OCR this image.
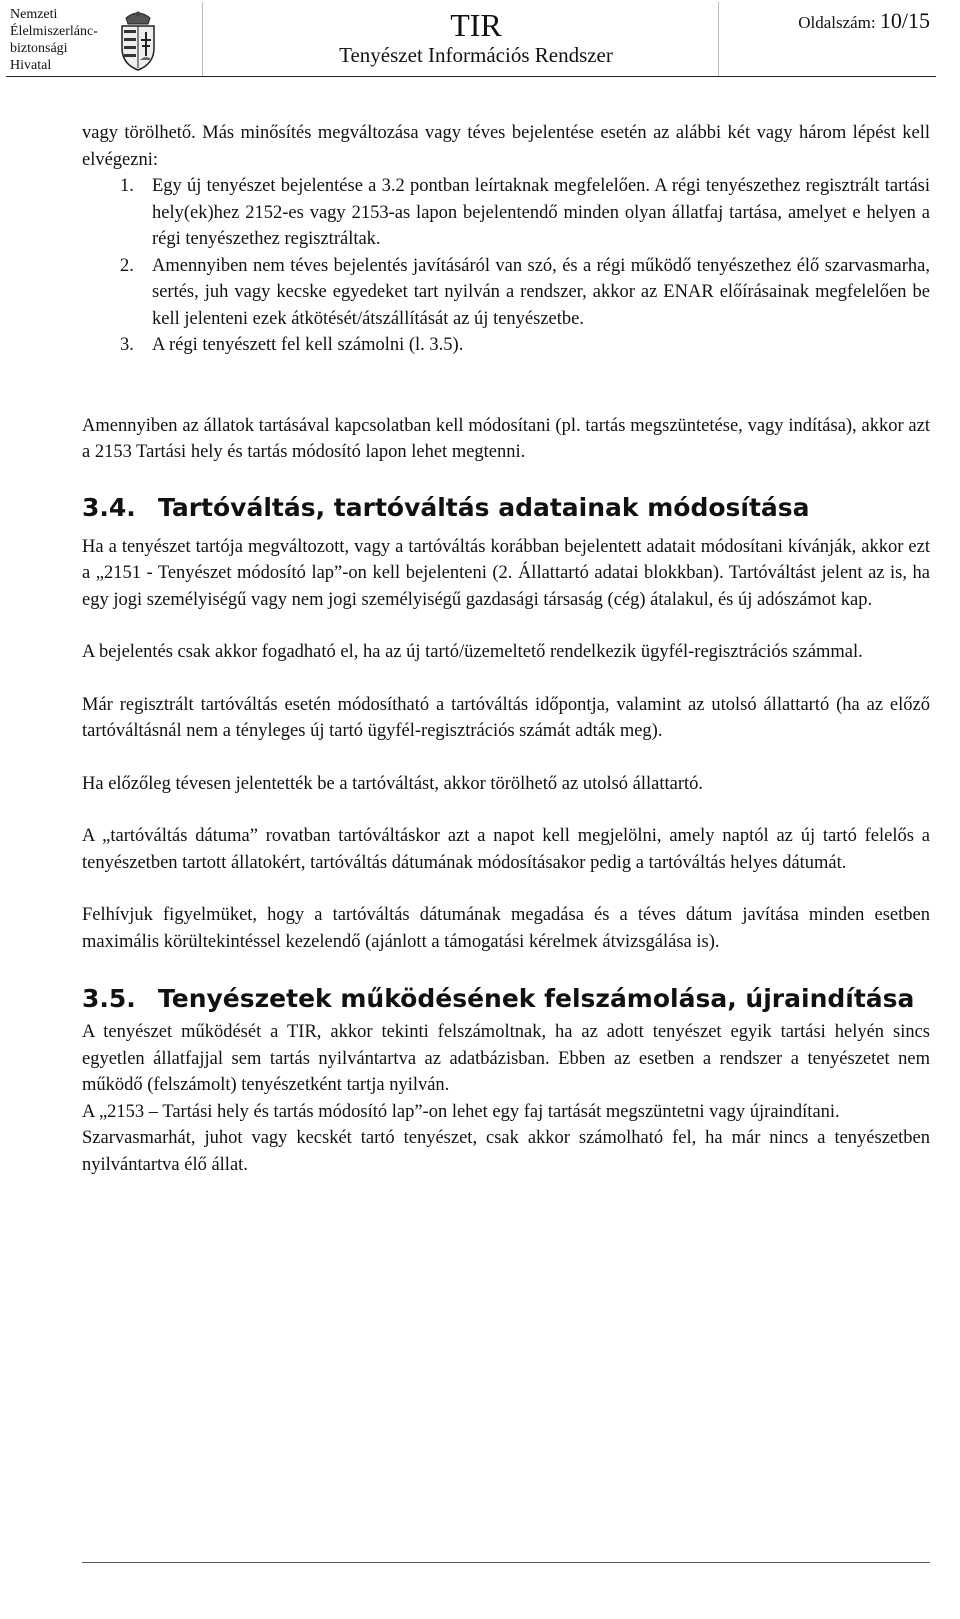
Nemzeti
Élelmiszerlánc-
biztonsági
Hivatal
TIR
Tenyészet Információs Rendszer
Oldalszám: 10/15

vagy törölhető. Más minősítés megváltozása vagy téves bejelentése esetén az alábbi két vagy három lépést kell elvégezni:

1. Egy új tenyészet bejelentése a 3.2 pontban leírtaknak megfelelően. A régi tenyészethez regisztrált tartási hely(ek)hez 2152-es vagy 2153-as lapon bejelentendő minden olyan állatfaj tartása, amelyet e helyen a régi tenyészethez regisztráltak.
2. Amennyiben nem téves bejelentés javításáról van szó, és a régi működő tenyészethez élő szarvasmarha, sertés, juh vagy kecske egyedeket tart nyilván a rendszer, akkor az ENAR előírásainak megfelelően be kell jelenteni ezek átkötését/átszállítását az új tenyészetbe.
3. A régi tenyészett fel kell számolni (l. 3.5).

Amennyiben az állatok tartásával kapcsolatban kell módosítani (pl. tartás megszüntetése, vagy indítása), akkor azt a 2153 Tartási hely és tartás módosító lapon lehet megtenni.

3.4. Tartóváltás, tartóváltás adatainak módosítása

Ha a tenyészet tartója megváltozott, vagy a tartóváltás korábban bejelentett adatait módosítani kívánják, akkor ezt a „2151 - Tenyészet módosító lap”-on kell bejelenteni (2. Állattartó adatai blokkban). Tartóváltást jelent az is, ha egy jogi személyiségű vagy nem jogi személyiségű gazdasági társaság (cég) átalakul, és új adószámot kap.

A bejelentés csak akkor fogadható el, ha az új tartó/üzemeltető rendelkezik ügyfél-regisztrációs számmal.

Már regisztrált tartóváltás esetén módosítható a tartóváltás időpontja, valamint az utolsó állattartó (ha az előző tartóváltásnál nem a tényleges új tartó ügyfél-regisztrációs számát adták meg).

Ha előzőleg tévesen jelentették be a tartóváltást, akkor törölhető az utolsó állattartó.

A „tartóváltás dátuma” rovatban tartóváltáskor azt a napot kell megjelölni, amely naptól az új tartó felelős a tenyészetben tartott állatokért, tartóváltás dátumának módosításakor pedig a tartóváltás helyes dátumát.

Felhívjuk figyelmüket, hogy a tartóváltás dátumának megadása és a téves dátum javítása minden esetben maximális körültekintéssel kezelendő (ajánlott a támogatási kérelmek átvizsgálása is).

3.5. Tenyészetek működésének felszámolása, újraindítása

A tenyészet működését a TIR, akkor tekinti felszámoltnak, ha az adott tenyészet egyik tartási helyén sincs egyetlen állatfajjal sem tartás nyilvántartva az adatbázisban. Ebben az esetben a rendszer a tenyészetet nem működő (felszámolt) tenyészetként tartja nyilván.

A „2153 – Tartási hely és tartás módosító lap”-on lehet egy faj tartását megszüntetni vagy újraindítani.

Szarvasmarhát, juhot vagy kecskét tartó tenyészet, csak akkor számolható fel, ha már nincs a tenyészetben nyilvántartva élő állat.
